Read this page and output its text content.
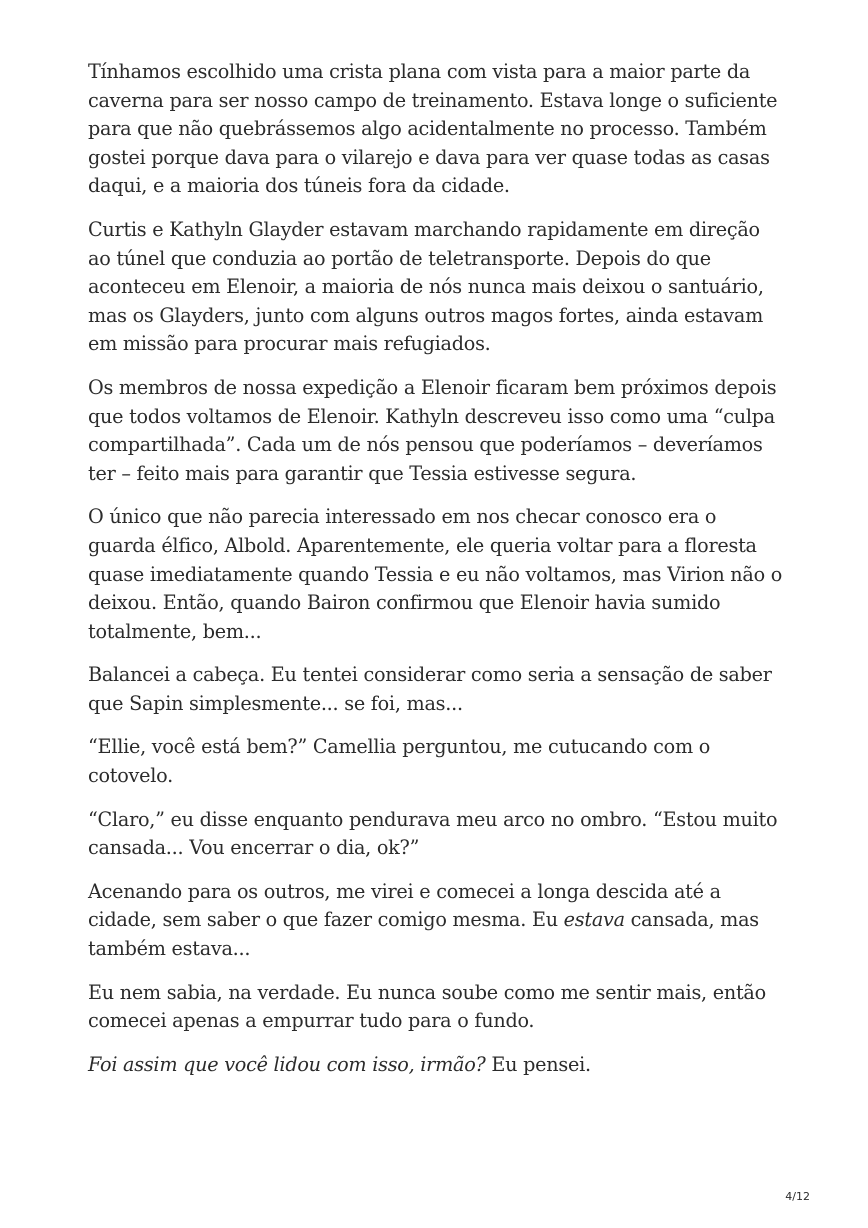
Tínhamos escolhido uma crista plana com vista para a maior parte da caverna para ser nosso campo de treinamento. Estava longe o suficiente para que não quebrássemos algo acidentalmente no processo. Também gostei porque dava para o vilarejo e dava para ver quase todas as casas daqui, e a maioria dos túneis fora da cidade.

Curtis e Kathyln Glayder estavam marchando rapidamente em direção ao túnel que conduzia ao portão de teletransporte. Depois do que aconteceu em Elenoir, a maioria de nós nunca mais deixou o santuário, mas os Glayders, junto com alguns outros magos fortes, ainda estavam em missão para procurar mais refugiados.

Os membros de nossa expedição a Elenoir ficaram bem próximos depois que todos voltamos de Elenoir. Kathyln descreveu isso como uma “culpa compartilhada”. Cada um de nós pensou que poderíamos – deveríamos ter – feito mais para garantir que Tessia estivesse segura.

O único que não parecia interessado em nos checar conosco era o guarda élfico, Albold. Aparentemente, ele queria voltar para a floresta quase imediatamente quando Tessia e eu não voltamos, mas Virion não o deixou. Então, quando Bairon confirmou que Elenoir havia sumido totalmente, bem...

Balancei a cabeça. Eu tentei considerar como seria a sensação de saber que Sapin simplesmente... se foi, mas...

“Ellie, você está bem?” Camellia perguntou, me cutucando com o cotovelo.

“Claro,” eu disse enquanto pendurava meu arco no ombro. “Estou muito cansada... Vou encerrar o dia, ok?”

Acenando para os outros, me virei e comecei a longa descida até a cidade, sem saber o que fazer comigo mesma. Eu estava cansada, mas também estava...

Eu nem sabia, na verdade. Eu nunca soube como me sentir mais, então comecei apenas a empurrar tudo para o fundo.

Foi assim que você lidou com isso, irmão? Eu pensei.

4/12
